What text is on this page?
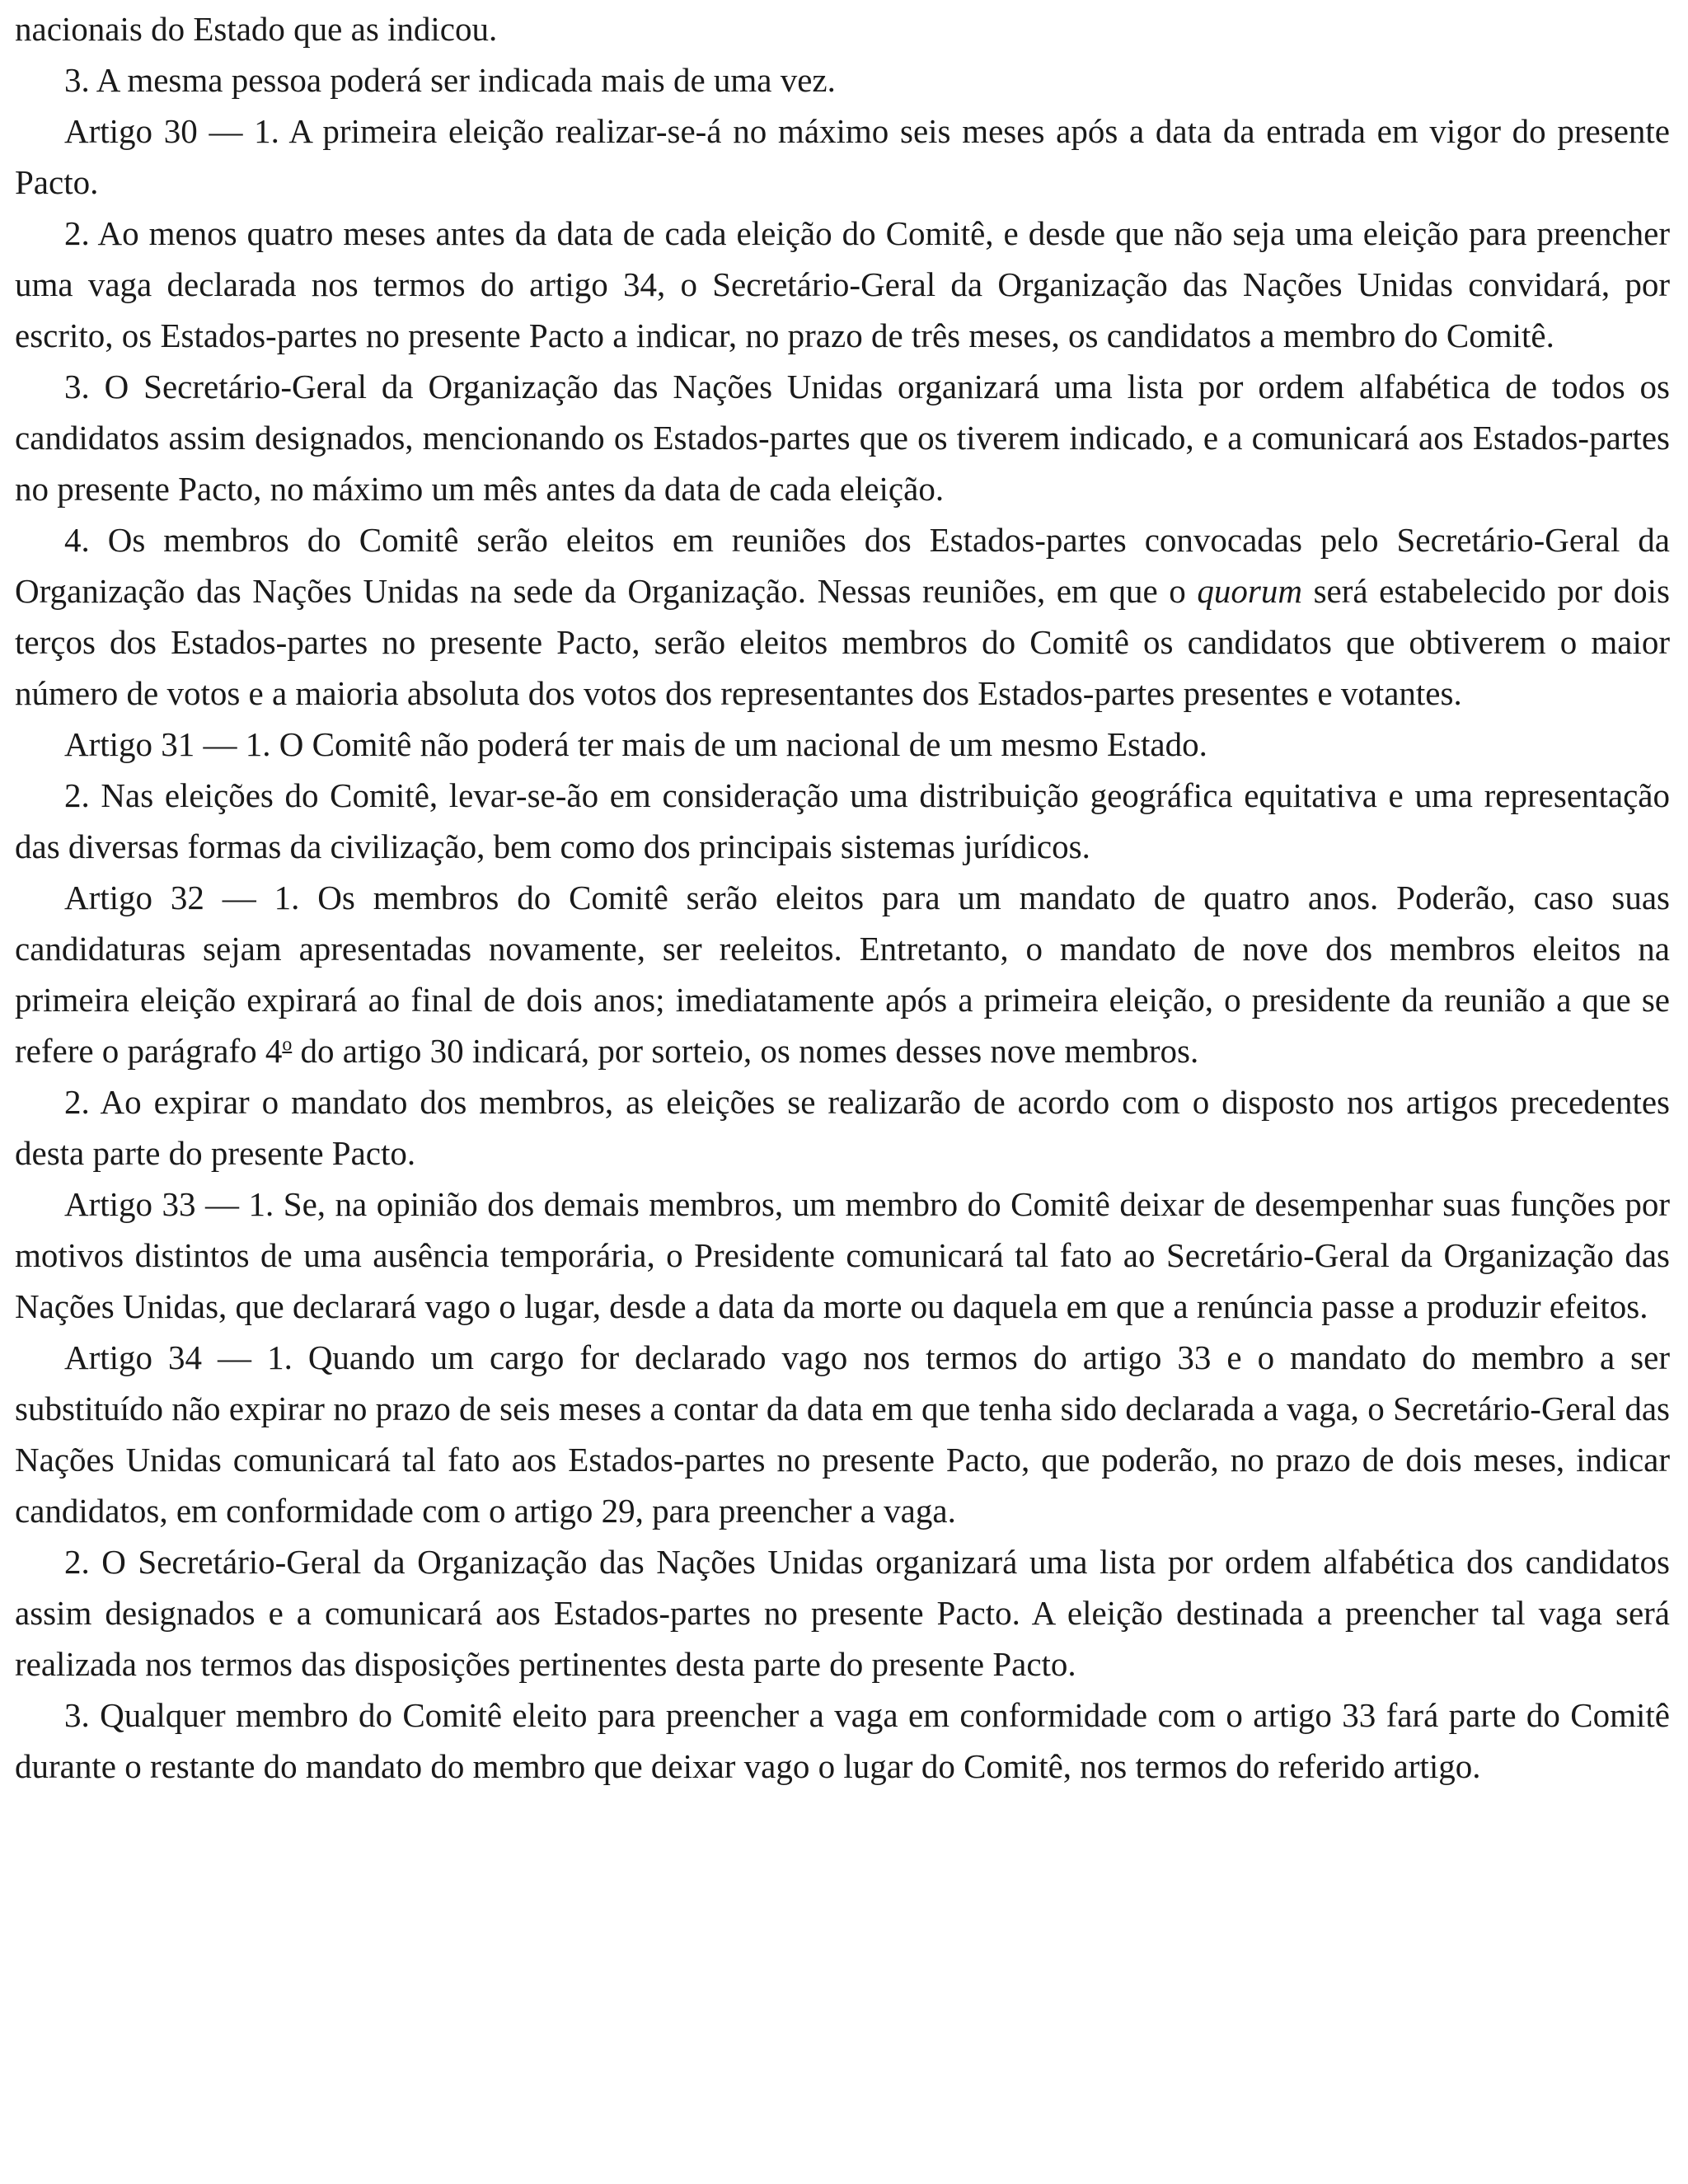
nacionais do Estado que as indicou.

3. A mesma pessoa poderá ser indicada mais de uma vez.

Artigo 30 — 1. A primeira eleição realizar-se-á no máximo seis meses após a data da entrada em vigor do presente Pacto.

2. Ao menos quatro meses antes da data de cada eleição do Comitê, e desde que não seja uma eleição para preencher uma vaga declarada nos termos do artigo 34, o Secretário-Geral da Organização das Nações Unidas convidará, por escrito, os Estados-partes no presente Pacto a indicar, no prazo de três meses, os candidatos a membro do Comitê.

3. O Secretário-Geral da Organização das Nações Unidas organizará uma lista por ordem alfabética de todos os candidatos assim designados, mencionando os Estados-partes que os tiverem indicado, e a comunicará aos Estados-partes no presente Pacto, no máximo um mês antes da data de cada eleição.

4. Os membros do Comitê serão eleitos em reuniões dos Estados-partes convocadas pelo Secretário-Geral da Organização das Nações Unidas na sede da Organização. Nessas reuniões, em que o quorum será estabelecido por dois terços dos Estados-partes no presente Pacto, serão eleitos membros do Comitê os candidatos que obtiverem o maior número de votos e a maioria absoluta dos votos dos representantes dos Estados-partes presentes e votantes.

Artigo 31 — 1. O Comitê não poderá ter mais de um nacional de um mesmo Estado.

2. Nas eleições do Comitê, levar-se-ão em consideração uma distribuição geográfica equitativa e uma representação das diversas formas da civilização, bem como dos principais sistemas jurídicos.

Artigo 32 — 1. Os membros do Comitê serão eleitos para um mandato de quatro anos. Poderão, caso suas candidaturas sejam apresentadas novamente, ser reeleitos. Entretanto, o mandato de nove dos membros eleitos na primeira eleição expirará ao final de dois anos; imediatamente após a primeira eleição, o presidente da reunião a que se refere o parágrafo 4$^o$ do artigo 30 indicará, por sorteio, os nomes desses nove membros.

2. Ao expirar o mandato dos membros, as eleições se realizarão de acordo com o disposto nos artigos precedentes desta parte do presente Pacto.

Artigo 33 — 1. Se, na opinião dos demais membros, um membro do Comitê deixar de desempenhar suas funções por motivos distintos de uma ausência temporária, o Presidente comunicará tal fato ao Secretário-Geral da Organização das Nações Unidas, que declarará vago o lugar, desde a data da morte ou daquela em que a renúncia passe a produzir efeitos.

Artigo 34 — 1. Quando um cargo for declarado vago nos termos do artigo 33 e o mandato do membro a ser substituído não expirar no prazo de seis meses a contar da data em que tenha sido declarada a vaga, o Secretário-Geral das Nações Unidas comunicará tal fato aos Estados-partes no presente Pacto, que poderão, no prazo de dois meses, indicar candidatos, em conformidade com o artigo 29, para preencher a vaga.

2. O Secretário-Geral da Organização das Nações Unidas organizará uma lista por ordem alfabética dos candidatos assim designados e a comunicará aos Estados-partes no presente Pacto. A eleição destinada a preencher tal vaga será realizada nos termos das disposições pertinentes desta parte do presente Pacto.

3. Qualquer membro do Comitê eleito para preencher a vaga em conformidade com o artigo 33 fará parte do Comitê durante o restante do mandato do membro que deixar vago o lugar do Comitê, nos termos do referido artigo.
